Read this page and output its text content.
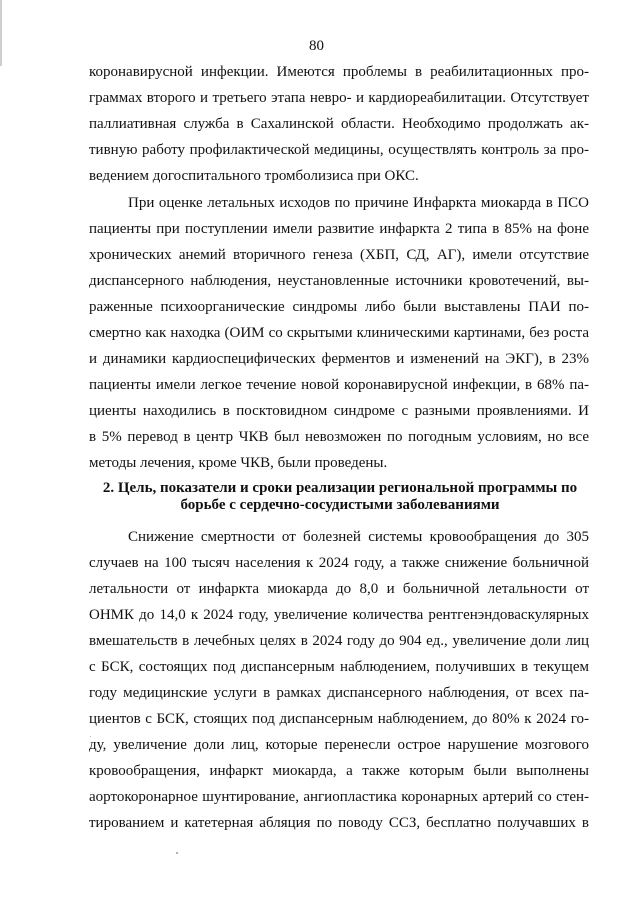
80
коронавирусной инфекции. Имеются проблемы в реабилитационных про-
граммах второго и третьего этапа невро- и кардиореабилитации. Отсутствует
паллиативная служба в Сахалинской области. Необходимо продолжать ак-
тивную работу профилактической медицины, осуществлять контроль за про-
ведением догоспитального тромболизиса при ОКС.
При оценке летальных исходов по причине Инфаркта миокарда в ПСО
пациенты при поступлении имели развитие инфаркта 2 типа в 85% на фоне
хронических анемий вторичного генеза (ХБП, СД, АГ), имели отсутствие
диспансерного наблюдения, неустановленные источники кровотечений, вы-
раженные психоорганические синдромы либо были выставлены ПАИ по-
смертно как находка (ОИМ со скрытыми клиническими картинами, без роста
и динамики кардиоспецифических ферментов и изменений на ЭКГ), в 23%
пациенты имели легкое течение новой коронавирусной инфекции, в 68% па-
циенты находились в посктовидном синдроме с разными проявлениями. И
в 5% перевод в центр ЧКВ был невозможен по погодным условиям, но все
методы лечения, кроме ЧКВ, были проведены.
2. Цель, показатели и сроки реализации региональной программы по
борьбе с сердечно-сосудистыми заболеваниями
Снижение смертности от болезней системы кровообращения до 305
случаев на 100 тысяч населения к 2024 году, а также снижение больничной
летальности от инфаркта миокарда до 8,0 и больничной летальности от
ОНМК до 14,0 к 2024 году, увеличение количества рентгенэндоваскулярных
вмешательств в лечебных целях в 2024 году до 904 ед., увеличение доли лиц
с БСК, состоящих под диспансерным наблюдением, получивших в текущем
году медицинские услуги в рамках диспансерного наблюдения, от всех па-
циентов с БСК, стоящих под диспансерным наблюдением, до 80% к 2024 го-
ду, увеличение доли лиц, которые перенесли острое нарушение мозгового
кровообращения, инфаркт миокарда, а также которым были выполнены
аортокоронарное шунтирование, ангиопластика коронарных артерий со стен-
тированием и катетерная абляция по поводу ССЗ, бесплатно получавших в
